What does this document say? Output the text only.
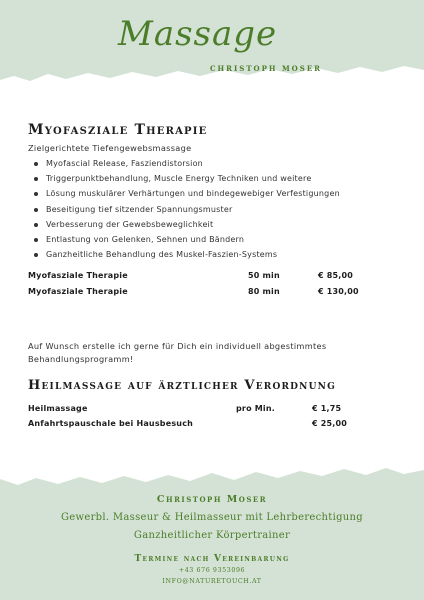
Massage
CHRISTOPH MOSER
Myofasziale Therapie
Zielgerichtete Tiefengewebsmassage
Myofascial Release, Fasziendistorsion
Triggerpunktbehandlung, Muscle Energy Techniken und weitere
Lösung muskulärer Verhärtungen und bindegewebiger Verfestigungen
Beseitigung tief sitzender Spannungsmuster
Verbesserung der Gewebsbeweglichkeit
Entlastung von Gelenken, Sehnen und Bändern
Ganzheitliche Behandlung des Muskel-Faszien-Systems
Myofasziale Therapie	50 min	€ 85,00
Myofasziale Therapie	80 min	€ 130,00
Auf Wunsch erstelle ich gerne für Dich ein individuell abgestimmtes Behandlungsprogramm!
Heilmassage auf ärztlicher Verordnung
Heilmassage	pro Min.	€ 1,75
Anfahrtspauschale bei Hausbesuch	€ 25,00
Christoph Moser
Gewerbl. Masseur & Heilmasseur mit Lehrberechtigung
Ganzheitlicher Körpertrainer
Termine nach Vereinbarung
+43 676 9353096
INFO@NATURETOUCH.AT
